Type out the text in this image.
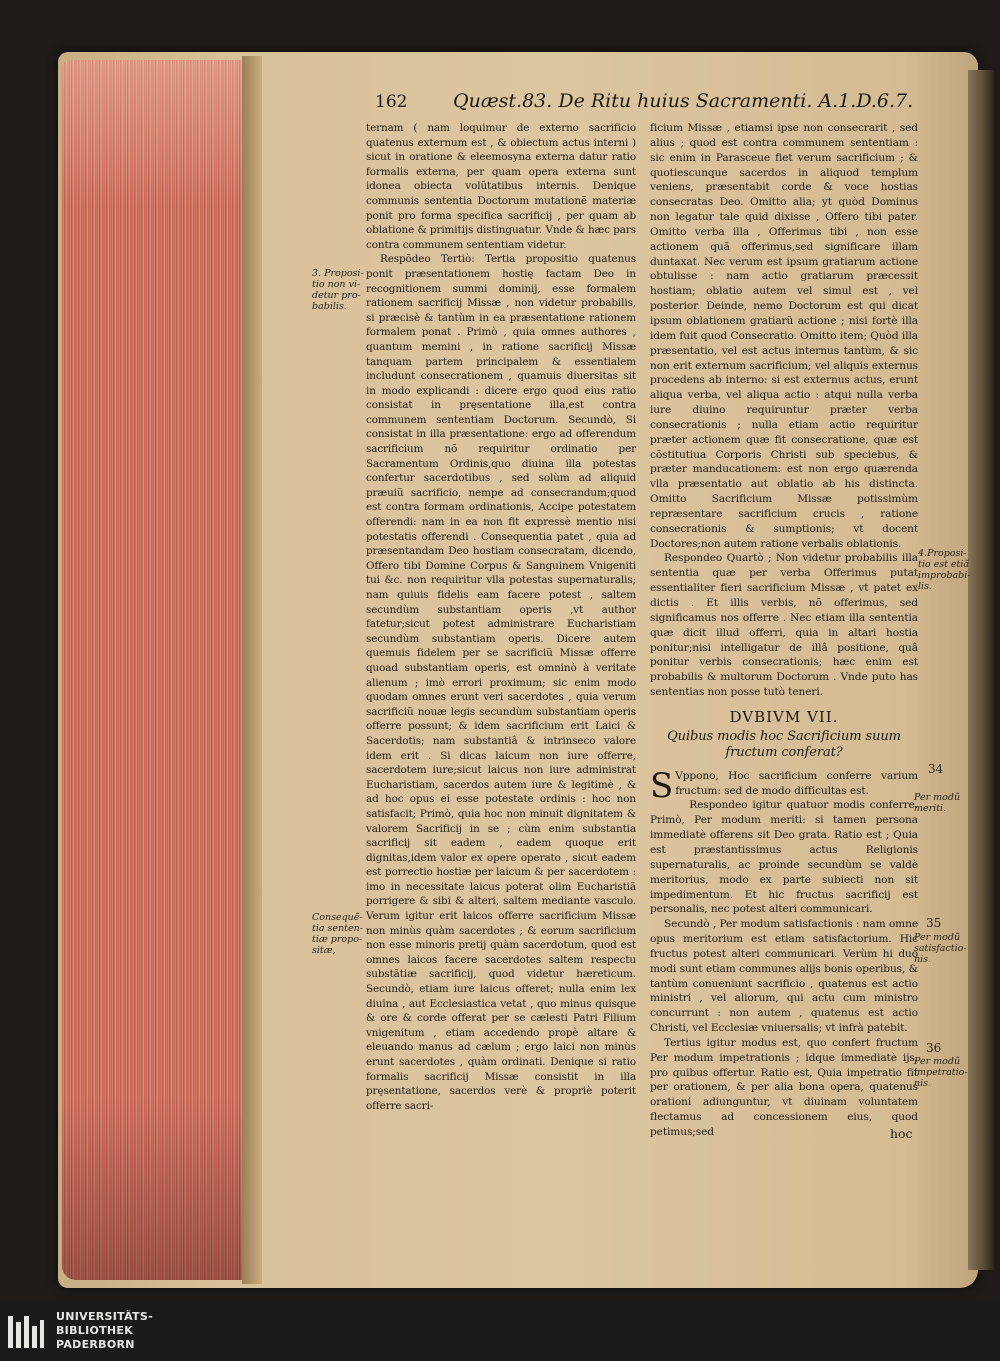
162 Quæst.83. De Ritu huius Sacramenti. A.1.D.6.7.

ternam ( nam loquimur de externo sacrificio quatenus externum est , & obiectum actus interni ) sicut in oratione & eleemosyna externa datur ratio formalis externa, per quam opera externa sunt idonea obiecta volũtatibus internis. Denique communis sententia Doctorum mutationẽ materiæ ponit pro forma specifica sacrificij , per quam ab oblatione & primitijs distinguatur. Vnde & hæc pars contra communem sententiam videtur.

Respõdeo Tertiò: Tertia propositio quatenus ponit præsentationem hostię factam Deo in recognitionem summi dominij, esse formalem rationem sacrificij Missæ , non videtur probabilis, si præcisè & tantùm in ea præsentatione rationem formalem ponat . Primò , quia omnes authores , quantum memini , in ratione sacrificij Missæ tanquam partem principalem & essentialem includunt consecrationem , quamuis diuersitas sit in modo explicandi : dicere ergo quod eius ratio consistat in pręsentatione illa,est contra communem sententiam Doctorum. Secundò, Si consistat in illa præsentatione: ergo ad offerendum sacrificium nõ requiritur ordinatio per Sacramentum Ordinis,quo diuina illa potestas confertur sacerdotibus , sed solùm ad aliquid præuiũ sacrificio, nempe ad consecrandum;quod est contra formam ordinationis, Accipe potestatem offerendi: nam in ea non fit expressè mentio nisi potestatis offerendi . Consequentia patet , quia ad præsentandam Deo hostiam consecratam, dicendo, Offero tibi Domine Corpus & Sanguinem Vnigeniti tui &c. non requiritur vlla potestas supernaturalis; nam quiuis fidelis eam facere potest , saltem secundùm substantiam operis ,vt author fatetur;sicut potest administrare Eucharistiam secundùm substantiam operis. Dicere autem quemuis fidelem per se sacrificiũ Missæ offerre quoad substantiam operis, est omninò à veritate alienum ; imò errori proximum; sic enim modo quodam omnes erunt veri sacerdotes , quia verum sacrificiũ nouæ legis secundùm substantiam operis offerre possunt; & idem sacrificium erit Laici & Sacerdotis; nam substantiâ & intrinseco valore idem erit . Si dicas laicum non iure offerre, sacerdotem iure;sicut laicus non iure administrat Eucharistiam, sacerdos autem iure & legitimè , & ad hoc opus ei esse potestate ordinis : hoc non satisfacit; Primò, quia hoc non minuit dignitatem & valorem Sacrificij in se ; cùm enim substantia sacrificij sit eadem , eadem quoque erit dignitas,idem valor ex opere operato , sicut eadem est porrectio hostiæ per laicum & per sacerdotem : imo in necessitate laicus poterat olim Eucharistiã porrigere & sibi & alteri, saltem mediante vasculo. Verum igitur erit laicos offerre sacrificium Missæ non minùs quàm sacerdotes ; & eorum sacrificium non esse minoris pretij quàm sacerdotum, quod est omnes laicos facere sacerdotes saltem respectu substãtiæ sacrificij, quod videtur hæreticum. Secundò, etiam iure laicus offeret; nulla enim lex diuina , aut Ecclesiastica vetat , quo minus quisque & ore & corde offerat per se cælesti Patri Filium vnigenitum , etiam accedendo propè altare & eleuando manus ad cælum ; ergo laici non minùs erunt sacerdotes , quàm ordinati. Denique si ratio formalis sacrificij Missæ consistit in illa pręsentatione, sacerdos verè & propriè poterit offerre sacri-

ficium Missæ , etiamsi ipse non consecrarit , sed alius ; quod est contra communem sententiam : sic enim in Parasceue fiet verum sacrificium ; & quotiescunque sacerdos in aliquod templum veniens, præsentabit corde & voce hostias consecratas Deo. Omitto alia; yt quòd Dominus non legatur tale quid dixisse , Offero tibi pater. Omitto verba illa , Offerimus tibi , non esse actionem quã offerimus,sed significare illam duntaxat. Nec verum est ipsum gratiarum actione obtulisse : nam actio gratiarum præcessit hostiam; oblatio autem vel simul est , vel posterior. Deinde, nemo Doctorum est qui dicat ipsum oblationem gratiarũ actione ; nisi fortè illa idem fuit quod Consecratio. Omitto item; Quòd illa præsentatio, vel est actus internus tantùm, & sic non erit externum sacrificium; vel aliquis externus procedens ab interno: si est externus actus, erunt aliqua verba, vel aliqua actio : atqui nulla verba iure diuino requiruntur præter verba consecrationis ; nulla etiam actio requiritur præter actionem quæ fit consecratione, quæ est cõstitutiua Corporis Christi sub speciebus, & præter manducationem: est non ergo quærenda vlla præsentatio aut oblatio ab his distincta. Omitto Sacrificium Missæ potissimùm repræsentare sacrificium crucis , ratione consecrationis & sumptionis; vt docent Doctores;non autem ratione verbalis oblationis.

Respondeo Quartò ; Non videtur probabilis illa sententia quæ per verba Offerimus putat essentialiter fieri sacrificium Missæ , vt patet ex dictis . Et illis verbis, nõ offerimus, sed significamus nos offerre . Nec etiam illa sententia quæ dicit illud offerri, quia in altari hostia ponitur;nisi intelligatur de illâ positione, quâ ponitur verbis consecrationis; hæc enim est probabilis & multorum Doctorum . Vnde puto has sententias non posse tutò teneri.

DVBIVM VII.
Quibus modis hoc Sacrificium suum fructum conferat?

S Vppono, Hoc sacrificium conferre varium fructum: sed de modo difficultas est.

Respondeo igitur quatuor modis conferre. Primò, Per modum meriti: si tamen persona immediatè offerens sit Deo grata. Ratio est ; Quia est præstantissimus actus Religionis supernaturalis, ac proinde secundùm se valdè meritorius, modo ex parte subiecti non sit impedimentum. Et hic fructus sacrificij est personalis, nec potest alteri communicari.

Secundò , Per modum satisfactionis : nam omne opus meritorium est etiam satisfactorium. Hic fructus potest alteri communicari. Verùm hi duo modi sunt etiam communes alijs bonis operibus, & tantùm conueniunt sacrificio , quatenus est actio ministri , vel aliorum, qui actu cum ministro concurrunt : non autem , quatenus est actio Christi, vel Ecclesiæ vniuersalis; vt infrà patebit.

Tertius igitur modus est, quo confert fructum Per modum impetrationis ; idque immediatè ijs, pro quibus offertur. Ratio est, Quia impetratio fit per orationem, & per alia bona opera, quatenus orationi adiunguntur, vt diuinam voluntatem flectamus ad concessionem eius, quod petimus;sed	hoc
3. Proposi-tio non vi-detur pro-babilis.
4.Proposi-tio est etiã improbabi-lis.
Consequẽ-tia senten-tiæ propo-sitæ,
34
Per modũ meriti.
35
Per modũ satisfactio-nis.
36
Per modũ impetratio-nis.
UNIVERSITÄTS-
BIBLIOTHEK
PADERBORN
